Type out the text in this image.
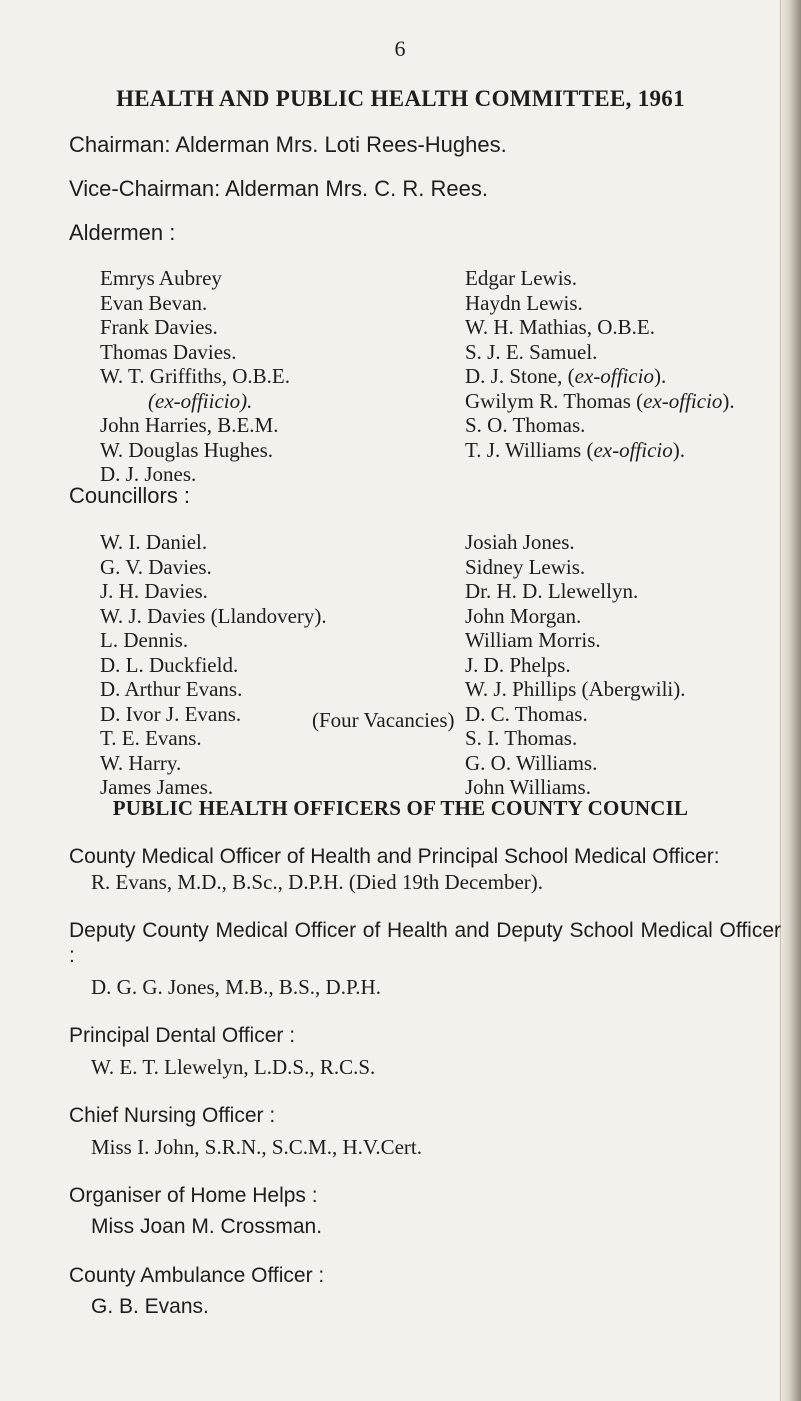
6
HEALTH AND PUBLIC HEALTH COMMITTEE, 1961
Chairman: Alderman Mrs. Loti Rees-Hughes.
Vice-Chairman: Alderman Mrs. C. R. Rees.
Aldermen :
Emrys Aubrey
Evan Bevan.
Frank Davies.
Thomas Davies.
W. T. Griffiths, O.B.E.
(ex-offiicio).
John Harries, B.E.M.
W. Douglas Hughes.
D. J. Jones.
Edgar Lewis.
Haydn Lewis.
W. H. Mathias, O.B.E.
S. J. E. Samuel.
D. J. Stone, (ex-officio).
Gwilym R. Thomas (ex-officio).
S. O. Thomas.
T. J. Williams (ex-officio).
Councillors :
W. I. Daniel.
G. V. Davies.
J. H. Davies.
W. J. Davies (Llandovery).
L. Dennis.
D. L. Duckfield.
D. Arthur Evans.
D. Ivor J. Evans.
T. E. Evans.
W. Harry.
James James.
Josiah Jones.
Sidney Lewis.
Dr. H. D. Llewellyn.
John Morgan.
William Morris.
J. D. Phelps.
W. J. Phillips (Abergwili).
D. C. Thomas.
S. I. Thomas.
G. O. Williams.
John Williams.
(Four Vacancies)
PUBLIC HEALTH OFFICERS OF THE COUNTY COUNCIL
County Medical Officer of Health and Principal School Medical Officer:
R. Evans, M.D., B.Sc., D.P.H. (Died 19th December).
Deputy County Medical Officer of Health and Deputy School Medical Officer :
D. G. G. Jones, M.B., B.S., D.P.H.
Principal Dental Officer :
W. E. T. Llewelyn, L.D.S., R.C.S.
Chief Nursing Officer :
Miss I. John, S.R.N., S.C.M., H.V.Cert.
Organiser of Home Helps :
Miss Joan M. Crossman.
County Ambulance Officer :
G. B. Evans.
